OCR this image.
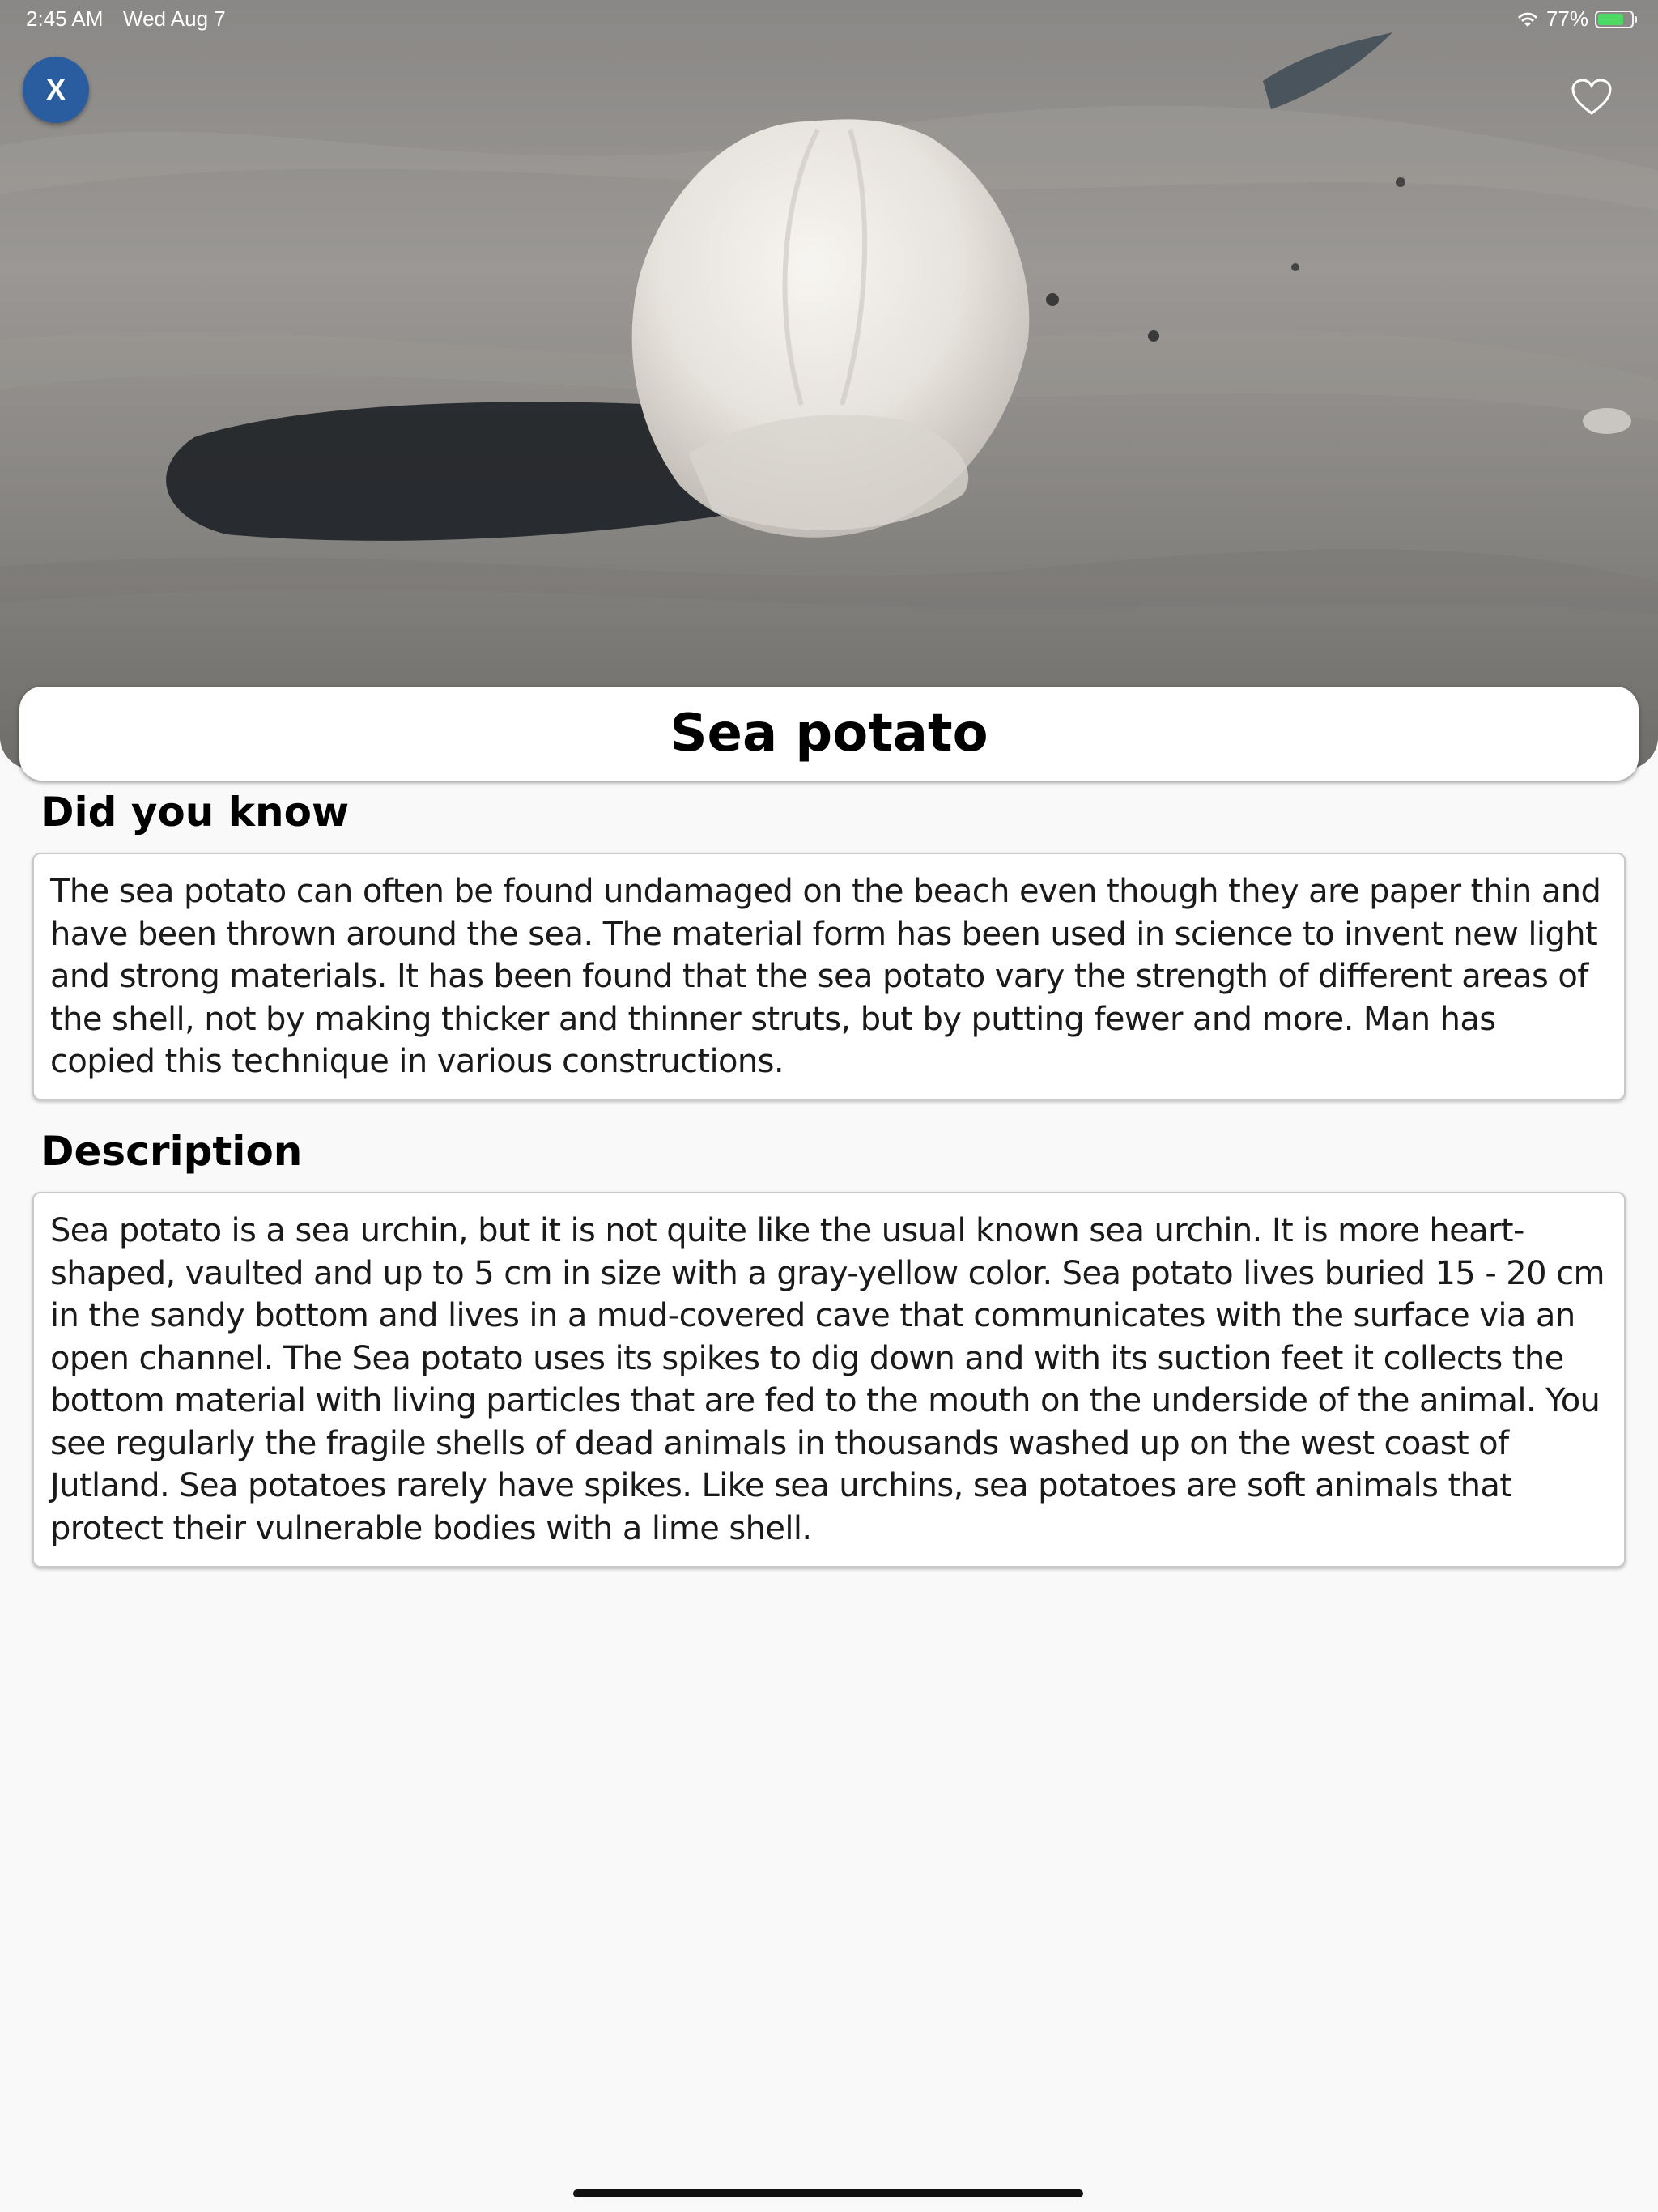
2:45 AM Wed Aug 7	77%
X
Sea potato
Did you know
The sea potato can often be found undamaged on the beach even though they are paper thin and have been thrown around the sea. The material form has been used in science to invent new light and strong materials. It has been found that the sea potato vary the strength of different areas of the shell, not by making thicker and thinner struts, but by putting fewer and more. Man has copied this technique in various constructions.
Description
Sea potato is a sea urchin, but it is not quite like the usual known sea urchin. It is more heart-shaped, vaulted and up to 5 cm in size with a gray-yellow color. Sea potato lives buried 15 - 20 cm in the sandy bottom and lives in a mud-covered cave that communicates with the surface via an open channel. The Sea potato uses its spikes to dig down and with its suction feet it collects the bottom material with living particles that are fed to the mouth on the underside of the animal. You see regularly the fragile shells of dead animals in thousands washed up on the west coast of Jutland. Sea potatoes rarely have spikes. Like sea urchins, sea potatoes are soft animals that protect their vulnerable bodies with a lime shell.
